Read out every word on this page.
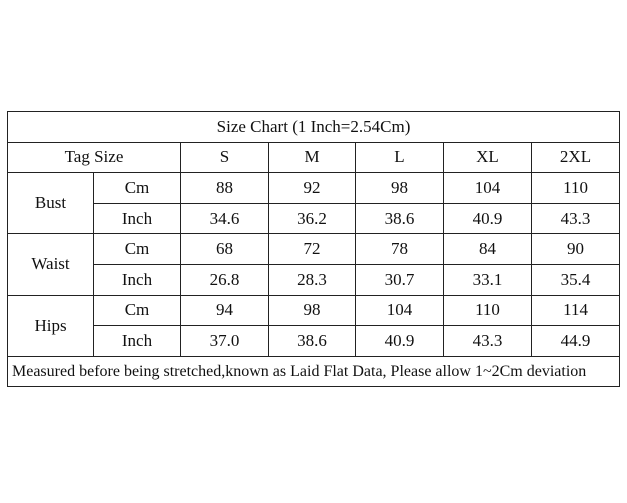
Size Chart (1 Inch=2.54Cm)						
Tag Size		S	M	L	XL	2XL
Bust	Cm	88	92	98	104	110
	Inch	34.6	36.2	38.6	40.9	43.3
Waist	Cm	68	72	78	84	90
	Inch	26.8	28.3	30.7	33.1	35.4
Hips	Cm	94	98	104	110	114
	Inch	37.0	38.6	40.9	43.3	44.9
Measured before being stretched,known as Laid Flat Data, Please allow 1~2Cm deviation						
